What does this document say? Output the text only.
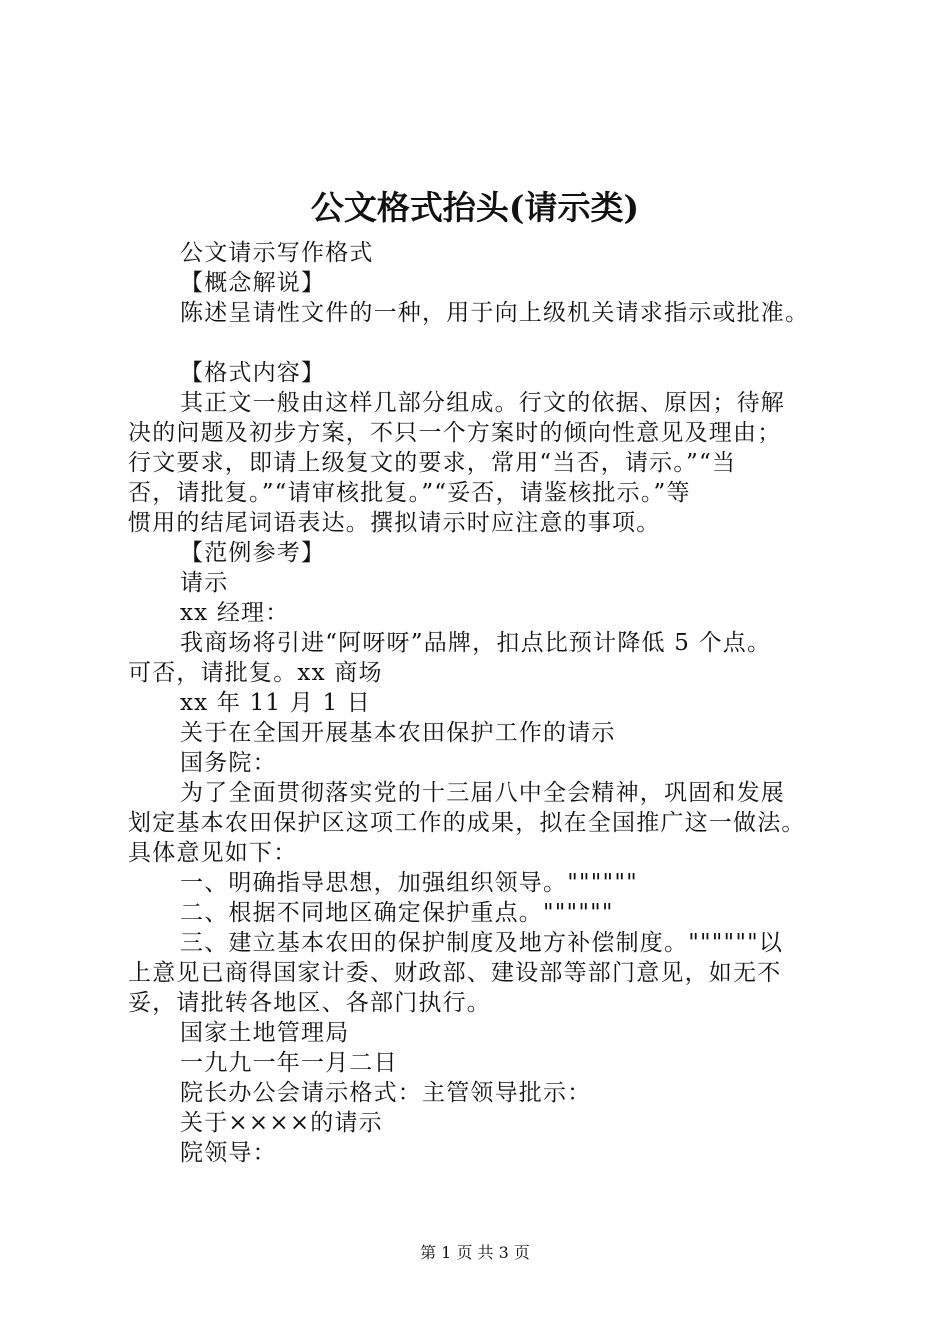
公文格式抬头(请示类)
公文请示写作格式
【概念解说】
陈述呈请性文件的一种，用于向上级机关请求指示或批准。
【格式内容】
其正文一般由这样几部分组成。行文的依据、原因；待解
决的问题及初步方案，不只一个方案时的倾向性意见及理由；
行文要求，即请上级复文的要求，常用“当否，请示。”“当
否，请批复。”“请审核批复。”“妥否，请鉴核批示。”等
惯用的结尾词语表达。撰拟请示时应注意的事项。
【范例参考】
请示
xx 经理：
我商场将引进“阿呀呀”品牌，扣点比预计降低 5 个点。
可否，请批复。xx 商场
xx 年 11 月 1 日
关于在全国开展基本农田保护工作的请示
国务院：
为了全面贯彻落实党的十三届八中全会精神，巩固和发展
划定基本农田保护区这项工作的成果，拟在全国推广这一做法。
具体意见如下：
一、明确指导思想，加强组织领导。""""""
二、根据不同地区确定保护重点。""""""
三、建立基本农田的保护制度及地方补偿制度。""""""以
上意见已商得国家计委、财政部、建设部等部门意见，如无不
妥，请批转各地区、各部门执行。
国家土地管理局
一九九一年一月二日
院长办公会请示格式：主管领导批示：
关于××××的请示
院领导：
第 1 页 共 3 页
